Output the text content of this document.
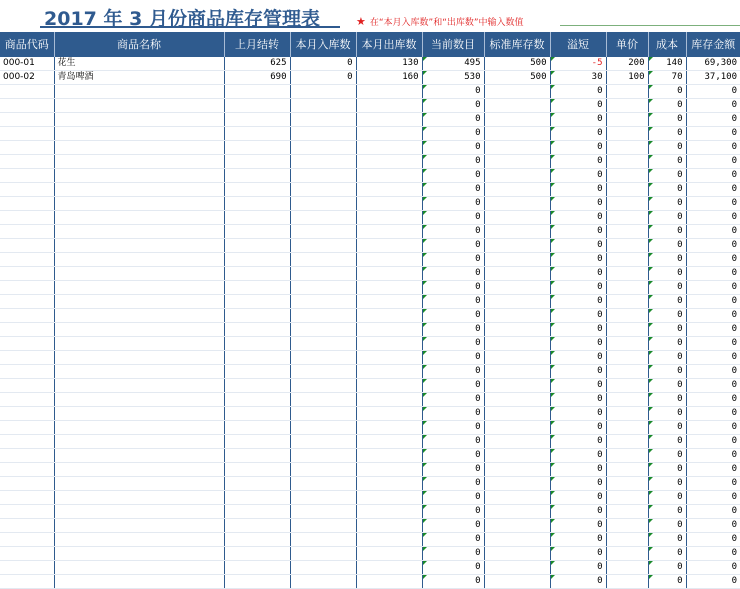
2017 年 3 月份商品库存管理表	★ 在“本月入库数”和“出库数”中输入数值
商品代码	商品名称	上月结转	本月入库数	本月出库数	当前数目	标准库存数	溢短	单价	成本	库存金额
000-01	花生	625	0	130	495	500	-5	200	140	69,300
000-02	青岛啤酒	690	0	160	530	500	30	100	70	37,100
					0		0		0	0
					0		0		0	0
					0		0		0	0
					0		0		0	0
					0		0		0	0
					0		0		0	0
					0		0		0	0
					0		0		0	0
					0		0		0	0
					0		0		0	0
					0		0		0	0
					0		0		0	0
					0		0		0	0
					0		0		0	0
					0		0		0	0
					0		0		0	0
					0		0		0	0
					0		0		0	0
					0		0		0	0
					0		0		0	0
					0		0		0	0
					0		0		0	0
					0		0		0	0
					0		0		0	0
					0		0		0	0
					0		0		0	0
					0		0		0	0
					0		0		0	0
					0		0		0	0
					0		0		0	0
					0		0		0	0
					0		0		0	0
					0		0		0	0
					0		0		0	0
					0		0		0	0
					0		0		0	0
